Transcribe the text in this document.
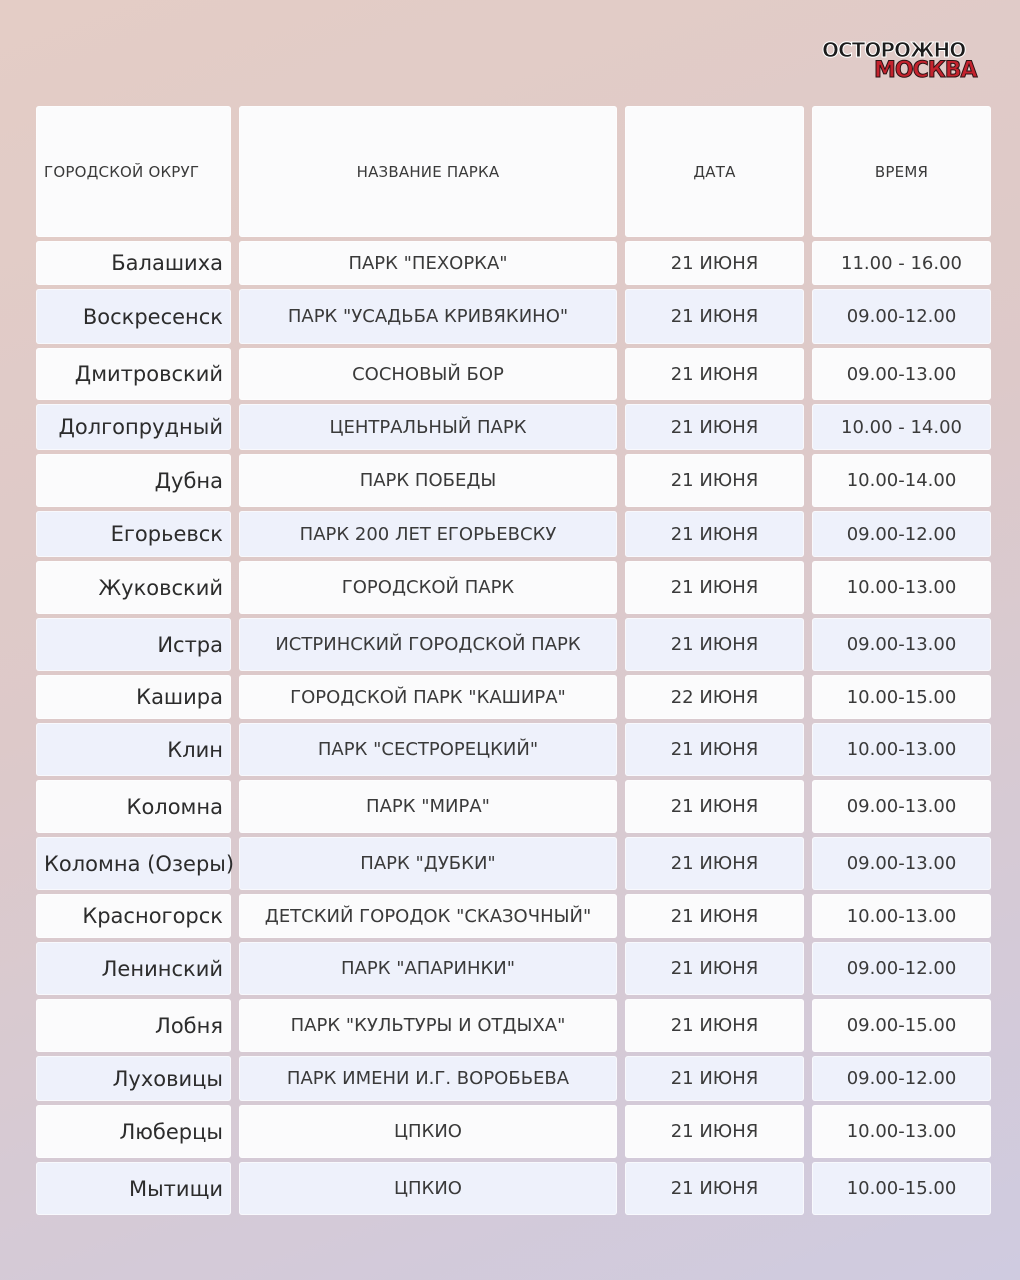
ОСТОРОЖНО
МОСКВА
ГОРОДСКОЙ ОКРУГ	НАЗВАНИЕ ПАРКА	ДАТА	ВРЕМЯ
Балашиха	ПАРК "ПЕХОРКА"	21 ИЮНЯ	11.00 - 16.00
Воскресенск	ПАРК "УСАДЬБА КРИВЯКИНО"	21 ИЮНЯ	09.00-12.00
Дмитровский	СОСНОВЫЙ БОР	21 ИЮНЯ	09.00-13.00
Долгопрудный	ЦЕНТРАЛЬНЫЙ ПАРК	21 ИЮНЯ	10.00 - 14.00
Дубна	ПАРК ПОБЕДЫ	21 ИЮНЯ	10.00-14.00
Егорьевск	ПАРК 200 ЛЕТ ЕГОРЬЕВСКУ	21 ИЮНЯ	09.00-12.00
Жуковский	ГОРОДСКОЙ ПАРК	21 ИЮНЯ	10.00-13.00
Истра	ИСТРИНСКИЙ ГОРОДСКОЙ ПАРК	21 ИЮНЯ	09.00-13.00
Кашира	ГОРОДСКОЙ ПАРК "КАШИРА"	22 ИЮНЯ	10.00-15.00
Клин	ПАРК "СЕСТРОРЕЦКИЙ"	21 ИЮНЯ	10.00-13.00
Коломна	ПАРК "МИРА"	21 ИЮНЯ	09.00-13.00
Коломна (Озеры)	ПАРК "ДУБКИ"	21 ИЮНЯ	09.00-13.00
Красногорск	ДЕТСКИЙ ГОРОДОК "СКАЗОЧНЫЙ"	21 ИЮНЯ	10.00-13.00
Ленинский	ПАРК "АПАРИНКИ"	21 ИЮНЯ	09.00-12.00
Лобня	ПАРК "КУЛЬТУРЫ И ОТДЫХА"	21 ИЮНЯ	09.00-15.00
Луховицы	ПАРК ИМЕНИ И.Г. ВОРОБЬЕВА	21 ИЮНЯ	09.00-12.00
Люберцы	ЦПКИО	21 ИЮНЯ	10.00-13.00
Мытищи	ЦПКИО	21 ИЮНЯ	10.00-15.00
